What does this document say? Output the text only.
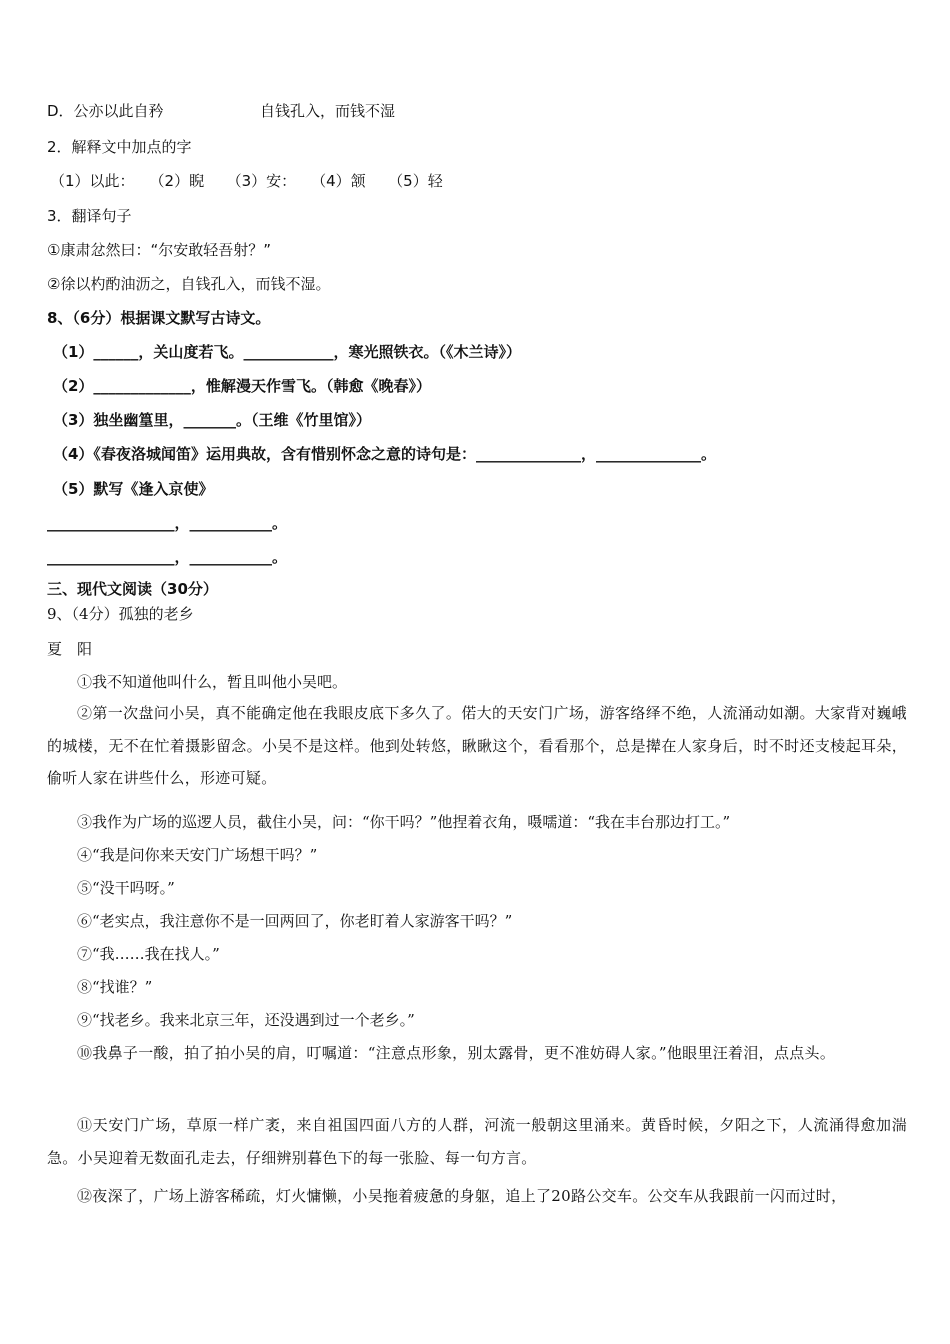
D．公亦以此自矜	自钱孔入，而钱不湿
2．解释文中加点的字
（1）以此：　　（2）睨　　（3）安：　　（4）颔　　（5）轻
3．翻译句子
①康肃忿然曰：“尔安敢轻吾射？”
②徐以杓酌油沥之，自钱孔入，而钱不湿。
8、（6分）根据课文默写古诗文。
（1）______，关山度若飞。____________，寒光照铁衣。（《木兰诗》）
（2）_____________，惟解漫天作雪飞。（韩愈《晚春》）
（3）独坐幽篁里，_______。（王维《竹里馆》）
（4）《春夜洛城闻笛》运用典故，含有惜别怀念之意的诗句是：______________，______________。
（5）默写《逢入京使》
_________________，___________。
_________________，___________。
三、现代文阅读（30分）
9、（4分）孤独的老乡
夏　阳
①我不知道他叫什么，暂且叫他小吴吧。
②第一次盘问小吴，真不能确定他在我眼皮底下多久了。偌大的天安门广场，游客络绎不绝，人流涌动如潮。大家背对巍峨的城楼，无不在忙着摄影留念。小吴不是这样。他到处转悠，瞅瞅这个，看看那个，总是撵在人家身后，时不时还支棱起耳朵，偷听人家在讲些什么，形迹可疑。
③我作为广场的巡逻人员，截住小吴，问：“你干吗？”他捏着衣角，嗫嚅道：“我在丰台那边打工。”
④“我是问你来天安门广场想干吗？”
⑤“没干吗呀。”
⑥“老实点，我注意你不是一回两回了，你老盯着人家游客干吗？”
⑦“我……我在找人。”
⑧“找谁？”
⑨“找老乡。我来北京三年，还没遇到过一个老乡。”
⑩我鼻子一酸，拍了拍小吴的肩，叮嘱道：“注意点形象，别太露骨，更不准妨碍人家。”他眼里汪着泪，点点头。
⑪天安门广场，草原一样广袤，来自祖国四面八方的人群，河流一般朝这里涌来。黄昏时候，夕阳之下，人流涌得愈加湍急。小吴迎着无数面孔走去，仔细辨别暮色下的每一张脸、每一句方言。
⑫夜深了，广场上游客稀疏，灯火慵懒，小吴拖着疲惫的身躯，追上了20路公交车。公交车从我跟前一闪而过时，
